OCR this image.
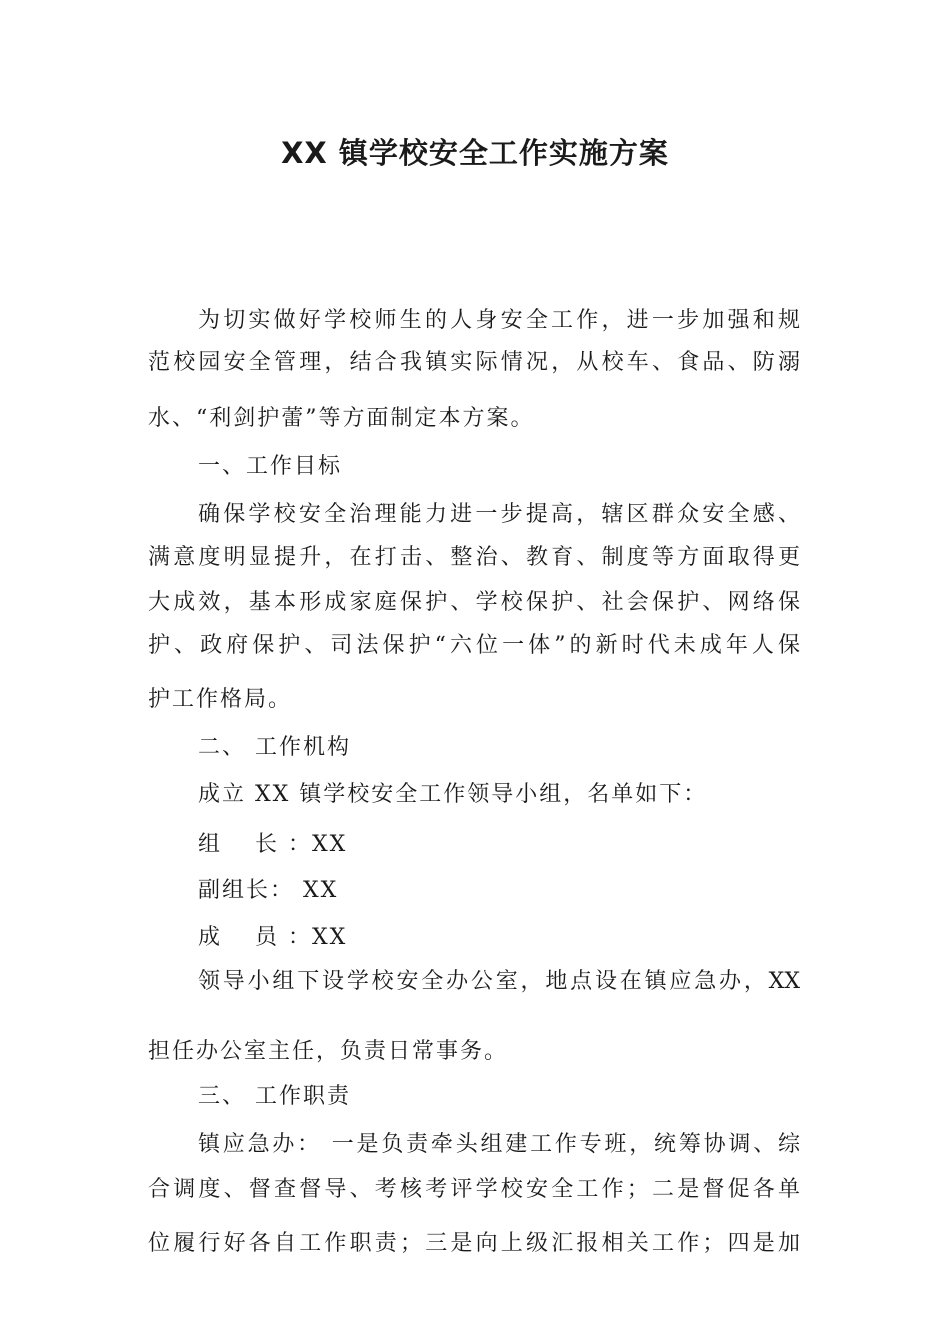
XX 镇学校安全工作实施方案
为切实做好学校师生的人身安全工作，进一步加强和规
范校园安全管理，结合我镇实际情况，从校车、食品、防溺
水、“利剑护蕾”等方面制定本方案。
一、工作目标
确保学校安全治理能力进一步提高，辖区群众安全感、
满意度明显提升，在打击、整治、教育、制度等方面取得更
大成效，基本形成家庭保护、学校保护、社会保护、网络保
护、政府保护、司法保护“六位一体”的新时代未成年人保
护工作格局。
二、 工作机构
成立 XX 镇学校安全工作领导小组，名单如下：
组　 长 ：XX
副组长： XX
成　 员 ：XX
领导小组下设学校安全办公室，地点设在镇应急办，XX
担任办公室主任，负责日常事务。
三、 工作职责
镇应急办： 一是负责牵头组建工作专班，统筹协调、综
合调度、督查督导、考核考评学校安全工作；二是督促各单
位履行好各自工作职责；三是向上级汇报相关工作；四是加
